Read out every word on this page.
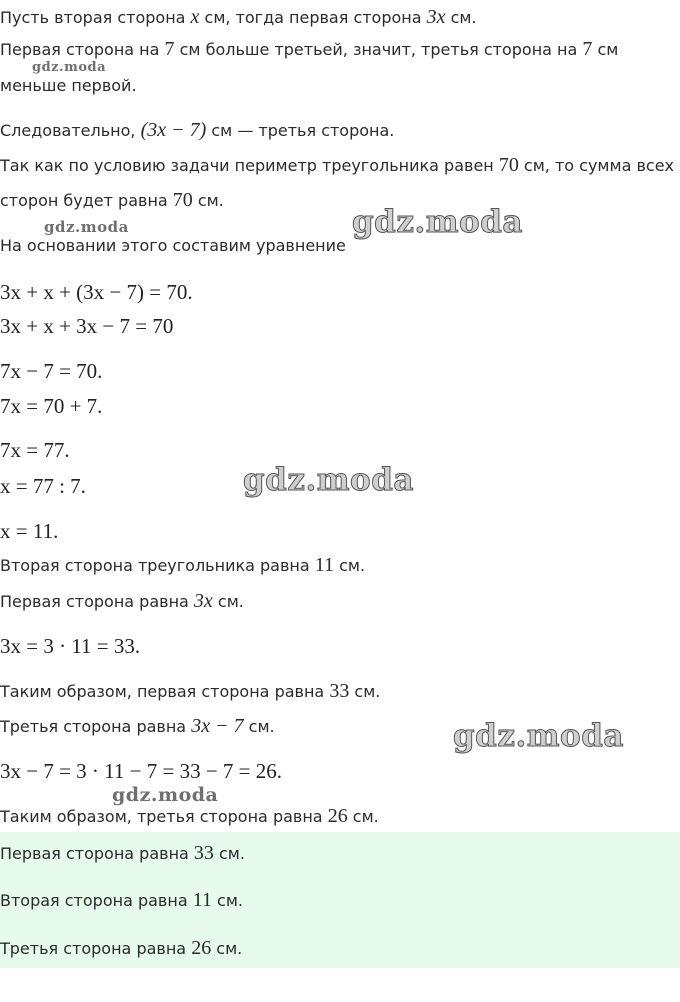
Пусть вторая сторона x см, тогда первая сторона 3x см.
Первая сторона на 7 см больше третьей, значит, третья сторона на 7 см
меньше первой.
Следовательно, (3x − 7) см — третья сторона.
Так как по условию задачи периметр треугольника равен 70 см, то сумма всех
сторон будет равна 70 см.
На основании этого составим уравнение
3x + x + (3x − 7) = 70.
3x + x + 3x − 7 = 70
7x − 7 = 70.
7x = 70 + 7.
7x = 77.
x = 77 : 7.
x = 11.
Вторая сторона треугольника равна 11 см.
Первая сторона равна 3x см.
3x = 3 · 11 = 33.
Таким образом, первая сторона равна 33 см.
Третья сторона равна 3x − 7 см.
3x − 7 = 3 · 11 − 7 = 33 − 7 = 26.
Таким образом, третья сторона равна 26 см.
Первая сторона равна 33 см.
Вторая сторона равна 11 см.
Третья сторона равна 26 см.
gdz.moda
gdz.moda	gdz.moda
gdz.moda
gdz.moda
gdz.moda
